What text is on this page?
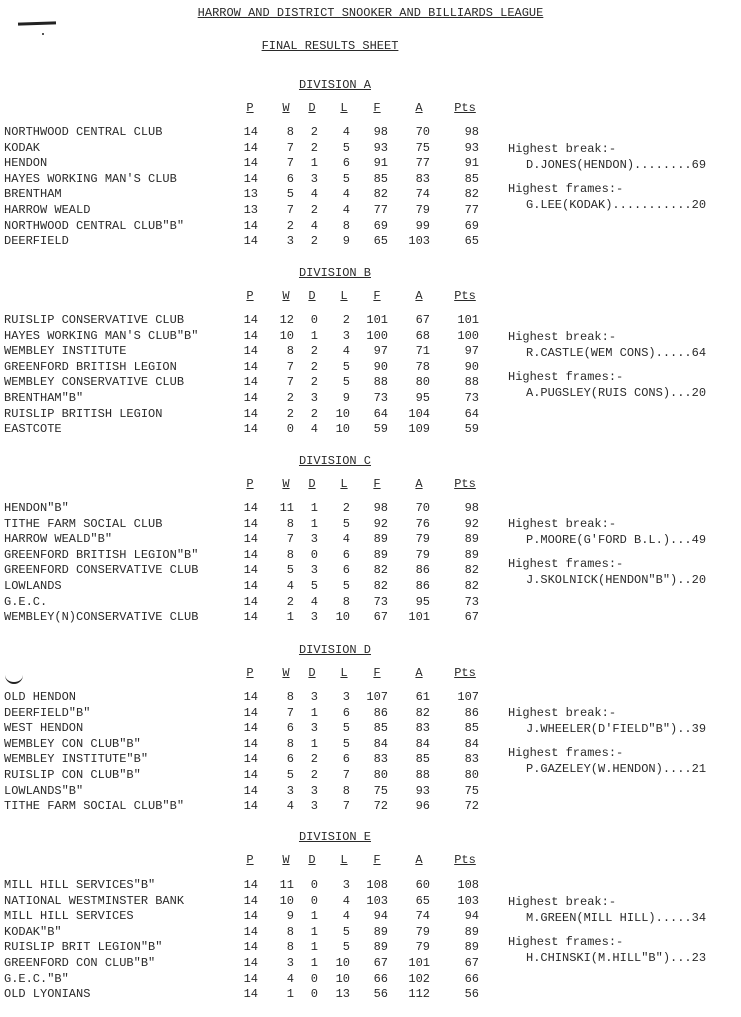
HARROW AND DISTRICT SNOOKER AND BILLIARDS LEAGUE
FINAL RESULTS SHEET
DIVISION A
P	W	D	L	F	A	Pts
NORTHWOOD CENTRAL CLUB	14 8 2 4 98 70	98
KODAK	14 7 2 5 93 75	93
HENDON	14 7 1 6 91 77	91
HAYES WORKING MAN'S CLUB	14 6 3 5 85 83	85
BRENTHAM	13 5 4 4 82 74	82
HARROW WEALD	13 7 2 4 77 79	77
NORTHWOOD CENTRAL CLUB"B"	14 2 4 8 69 99	69
DEERFIELD	14 3 2 9 65 103	65
Highest break:-
D.JONES(HENDON)........69
Highest frames:-
G.LEE(KODAK)...........20
DIVISION B
P	W	D	L	F	A	Pts
RUISLIP CONSERVATIVE CLUB	14 12 0 2 101 67 101
HAYES WORKING MAN'S CLUB"B"	14 10 1 3 100 68 100
WEMBLEY INSTITUTE	14 8 2 4 97 71	97
GREENFORD BRITISH LEGION	14 7 2 5 90 78	90
WEMBLEY CONSERVATIVE CLUB	14 7 2 5 88 80	88
BRENTHAM"B"	14 2 3 9 73 95	73
RUISLIP BRITISH LEGION	14 2 2 10 64 104	64
EASTCOTE	14 0 4 10 59 109	59
Highest break:-
R.CASTLE(WEM CONS).....64
Highest frames:-
A.PUGSLEY(RUIS CONS)...20
DIVISION C
P	W	D	L	F	A	Pts
HENDON"B"	14 11 1 2 98 70	98
TITHE FARM SOCIAL CLUB	14 8 1 5 92 76	92
HARROW WEALD"B"	14 7 3 4 89 79	89
GREENFORD BRITISH LEGION"B"	14 8 0 6 89 79	89
GREENFORD CONSERVATIVE CLUB	14 5 3 6 82 86	82
LOWLANDS	14 4 5 5 82 86	82
G.E.C.	14 2 4 8 73 95	73
WEMBLEY(N)CONSERVATIVE CLUB	14 1 3 10 67 101	67
Highest break:-
P.MOORE(G'FORD B.L.)...49
Highest frames:-
J.SKOLNICK(HENDON"B")..20
DIVISION D
P	W	D	L	F	A	Pts
OLD HENDON	14 8 3 3 107 61 107
DEERFIELD"B"	14 7 1 6 86 82	86
WEST HENDON	14 6 3 5 85 83	85
WEMBLEY CON CLUB"B"	14 8 1 5 84 84	84
WEMBLEY INSTITUTE"B"	14 6 2 6 83 85	83
RUISLIP CON CLUB"B"	14 5 2 7 80 88	80
LOWLANDS"B"	14 3 3 8 75 93	75
TITHE FARM SOCIAL CLUB"B"	14 4 3 7 72 96	72
Highest break:-
J.WHEELER(D'FIELD"B")..39
Highest frames:-
P.GAZELEY(W.HENDON)....21
DIVISION E
P	W	D	L	F	A	Pts
MILL HILL SERVICES"B"	14 11 0 3 108 60 108
NATIONAL WESTMINSTER BANK	14 10 0 4 103 65 103
MILL HILL SERVICES	14 9 1 4 94 74	94
KODAK"B"	14 8 1 5 89 79	89
RUISLIP BRIT LEGION"B"	14 8 1 5 89 79	89
GREENFORD CON CLUB"B"	14 3 1 10 67 101	67
G.E.C."B"	14 4 0 10 66 102	66
OLD LYONIANS	14 1 0 13 56 112	56
Highest break:-
M.GREEN(MILL HILL).....34
Highest frames:-
H.CHINSKI(M.HILL"B")...23
